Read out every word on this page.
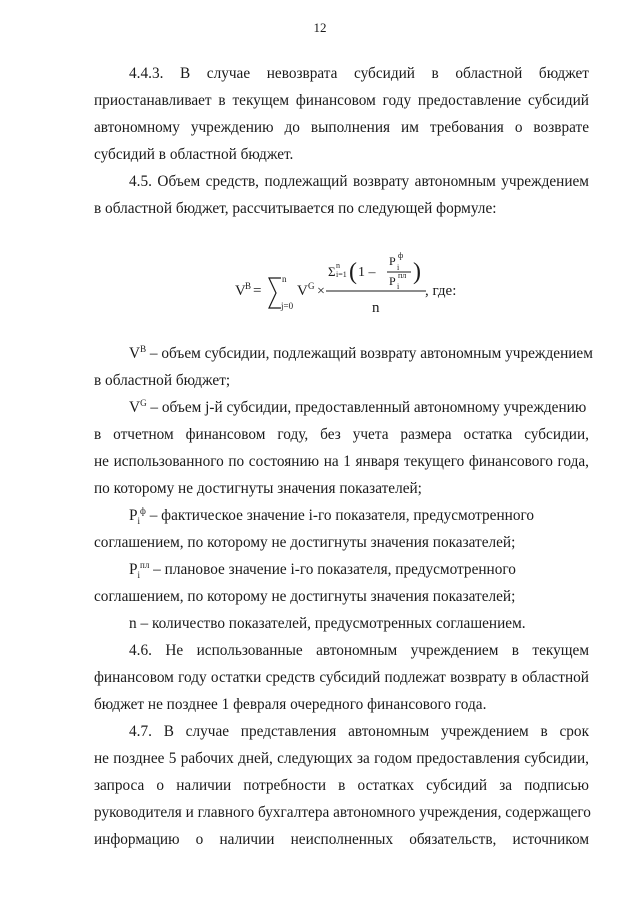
12
4.4.3. В случае невозврата субсидий в областной бюджет
приостанавливает в текущем финансовом году предоставление субсидий
автономному учреждению до выполнения им требования о возврате
субсидий в областной бюджет.
4.5. Объем средств, подлежащий возврату автономным учреждением
в областной бюджет, рассчитывается по следующей формуле:
V В =
n
j=0
V G ×
Σ n
i=1 ( 1 –
P ф
i
P пл
i
)
n
, где:
$V^В$ – объем субсидии, подлежащий возврату автономным учреждением
в областной бюджет;
$V^G$ – объем j-й субсидии, предоставленный автономному учреждению
в отчетном финансовом году, без учета размера остатка субсидии,
не использованного по состоянию на 1 января текущего финансового года,
по которому не достигнуты значения показателей;
$P_i^ф$ – фактическое значение i-го показателя, предусмотренного
соглашением, по которому не достигнуты значения показателей;
$P_i^{пл}$ – плановое значение i-го показателя, предусмотренного
соглашением, по которому не достигнуты значения показателей;
n – количество показателей, предусмотренных соглашением.
4.6. Не использованные автономным учреждением в текущем
финансовом году остатки средств субсидий подлежат возврату в областной
бюджет не позднее 1 февраля очередного финансового года.
4.7. В случае представления автономным учреждением в срок
не позднее 5 рабочих дней, следующих за годом предоставления субсидии,
запроса о наличии потребности в остатках субсидий за подписью
руководителя и главного бухгалтера автономного учреждения, содержащего
информацию о наличии неисполненных обязательств, источником
